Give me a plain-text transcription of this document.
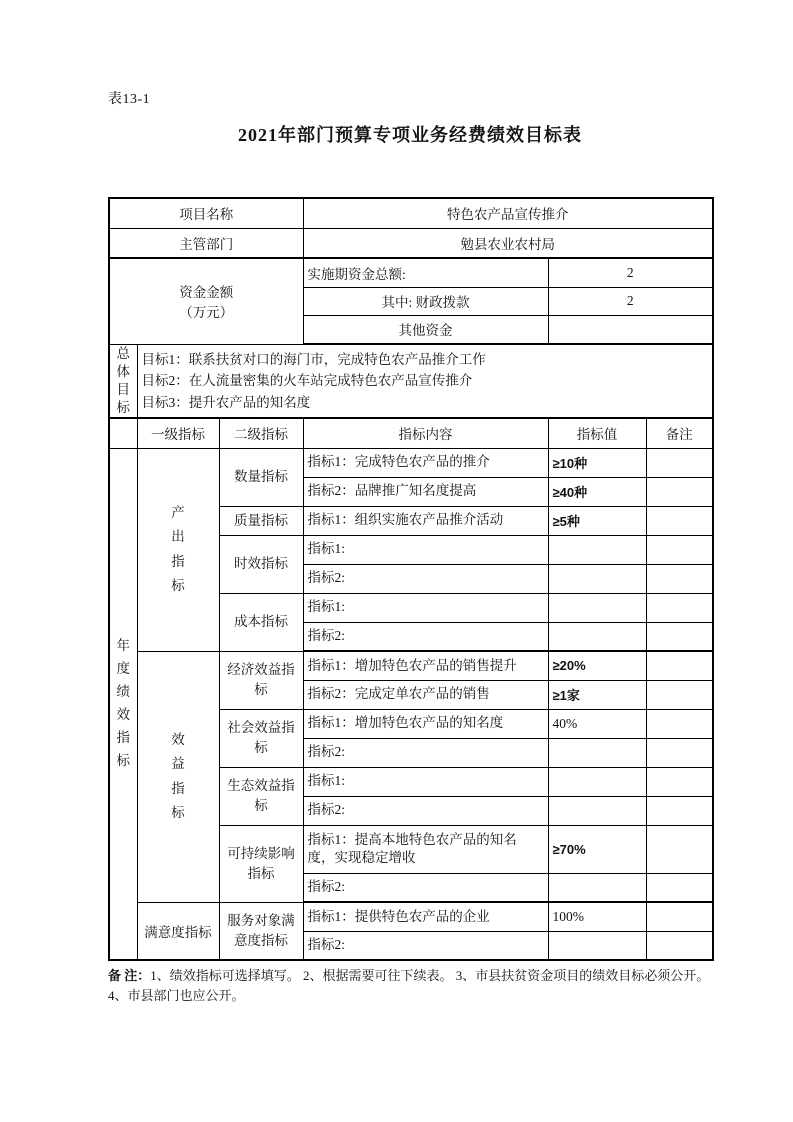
表13-1
2021年部门预算专项业务经费绩效目标表
项目名称			特色农产品宣传推介		
主管部门			勉县农业农村局		

资金金额
（万元）			实施期资金总额:	2	
			其中: 财政拨款	2	
			其他资金		
总体目标	目标1：联系扶贫对口的海门市，完成特色农产品推介工作
目标2：在人流量密集的火车站完成特色农产品宣传推介
目标3：提升农产品的知名度				

	一级指标	二级指标	指标内容	指标值	备注
年度绩效指标	产出指标	数量指标	指标1：完成特色农产品的推介	≥10种	
			指标2：品牌推广知名度提高	≥40种	
		质量指标	指标1：组织实施农产品推介活动	≥5种	
		时效指标	指标1:		
			指标2:		
		成本指标	指标1:		
			指标2:		
	效益指标	经济效益指标	指标1：增加特色农产品的销售提升	≥20%	
			指标2：完成定单农产品的销售	≥1家	
		社会效益指标	指标1：增加特色农产品的知名度	40%	
			指标2:		
		生态效益指标	指标1:		
			指标2:		
		可持续影响指标	指标1：提高本地特色农产品的知名度，实现稳定增收	≥70%	
			指标2:		
	满意度指标	服务对象满意度指标	指标1：提供特色农产品的企业	100%	
			指标2:		
备 注：1、绩效指标可选择填写。 2、根据需要可往下续表。 3、市县扶贫资金项目的绩效目标必须公开。4、市县部门也应公开。
